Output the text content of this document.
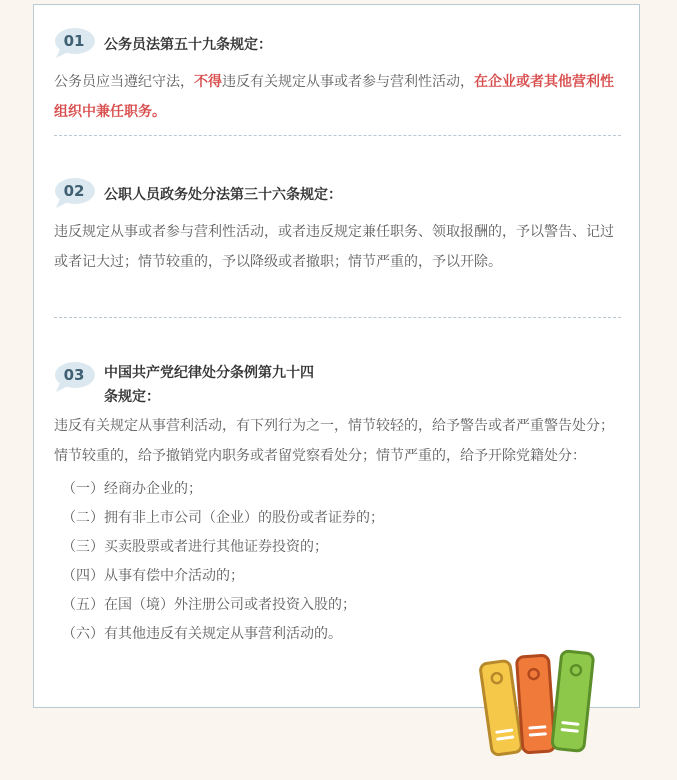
01	公务员法第五十九条规定：

公务员应当遵纪守法，不得违反有关规定从事或者参与营利性活动，在企业或者其他营利性组织中兼任职务。

02	公职人员政务处分法第三十六条规定：

违反规定从事或者参与营利性活动，或者违反规定兼任职务、领取报酬的，予以警告、记过或者记大过；情节较重的，予以降级或者撤职；情节严重的，予以开除。

03	中国共产党纪律处分条例第九十四
条规定：

违反有关规定从事营利活动，有下列行为之一，情节较轻的，给予警告或者严重警告处分；情节较重的，给予撤销党内职务或者留党察看处分；情节严重的，给予开除党籍处分：

（一）经商办企业的；
（二）拥有非上市公司（企业）的股份或者证券的；
（三）买卖股票或者进行其他证券投资的；
（四）从事有偿中介活动的；
（五）在国（境）外注册公司或者投资入股的；
（六）有其他违反有关规定从事营利活动的。
